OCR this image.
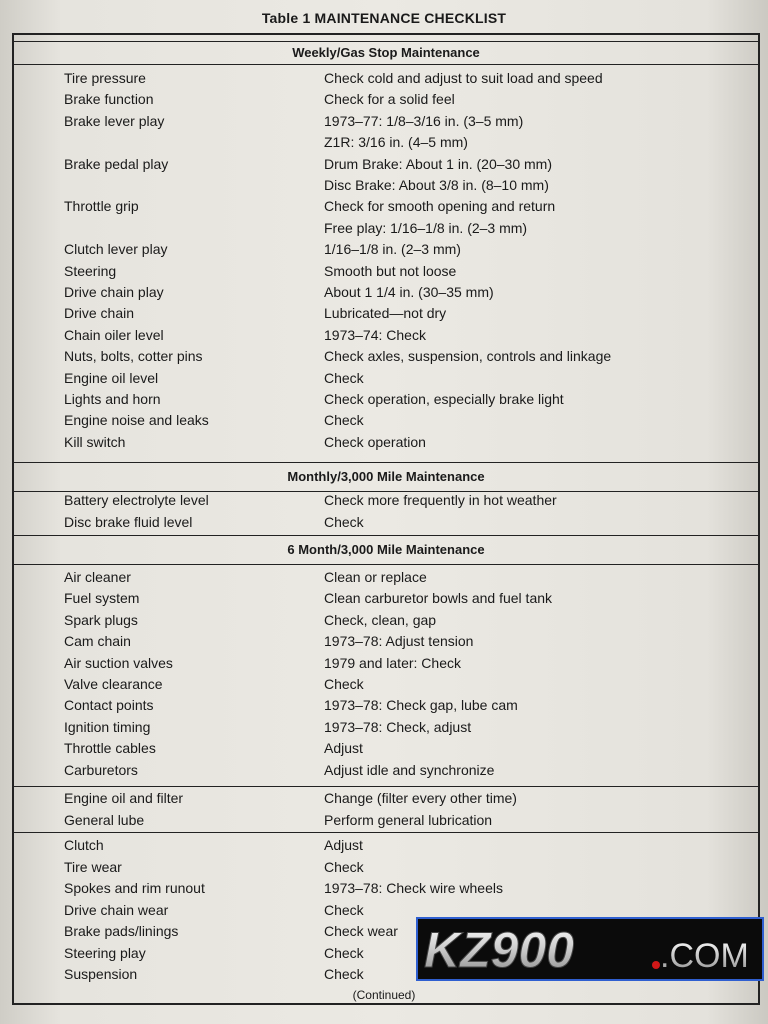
Table 1 MAINTENANCE CHECKLIST
Weekly/Gas Stop Maintenance
Tire pressure	Check cold and adjust to suit load and speed
Brake function	Check for a solid feel
Brake lever play	1973–77: 1/8–3/16 in. (3–5 mm)
Z1R: 3/16 in. (4–5 mm)
Brake pedal play	Drum Brake: About 1 in. (20–30 mm)
Disc Brake: About 3/8 in. (8–10 mm)
Throttle grip	Check for smooth opening and return
Free play: 1/16–1/8 in. (2–3 mm)
Clutch lever play	1/16–1/8 in. (2–3 mm)
Steering	Smooth but not loose
Drive chain play	About 1 1/4 in. (30–35 mm)
Drive chain	Lubricated—not dry
Chain oiler level	1973–74: Check
Nuts, bolts, cotter pins	Check axles, suspension, controls and linkage
Engine oil level	Check
Lights and horn	Check operation, especially brake light
Engine noise and leaks	Check
Kill switch	Check operation
Monthly/3,000 Mile Maintenance
Battery electrolyte level	Check more frequently in hot weather
Disc brake fluid level	Check
6 Month/3,000 Mile Maintenance
Air cleaner	Clean or replace
Fuel system	Clean carburetor bowls and fuel tank
Spark plugs	Check, clean, gap
Cam chain	1973–78: Adjust tension
Air suction valves	1979 and later: Check
Valve clearance	Check
Contact points	1973–78: Check gap, lube cam
Ignition timing	1973–78: Check, adjust
Throttle cables	Adjust
Carburetors	Adjust idle and synchronize
Engine oil and filter	Change (filter every other time)
General lube	Perform general lubrication
Clutch	Adjust
Tire wear	Check
Spokes and rim runout	1973–78: Check wire wheels
Drive chain wear	Check
Brake pads/linings	Check wear
Steering play	Check
Suspension	Check
(Continued)
KZ900	.COM
